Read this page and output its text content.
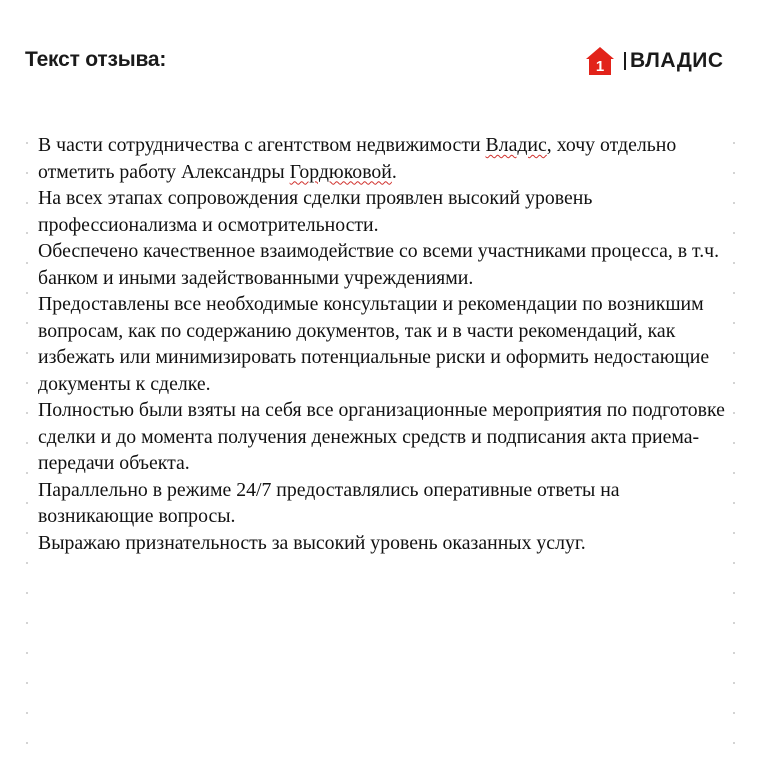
Текст отзыва:	1 ВЛАДИС

В части сотрудничества с агентством недвижимости Владис, хочу отдельно отметить работу Александры Гордюковой.

На всех этапах сопровождения сделки проявлен высокий уровень профессионализма и осмотрительности.

Обеспечено качественное взаимодействие со всеми участниками процесса, в т.ч. банком и иными задействованными учреждениями.

Предоставлены все необходимые консультации и рекомендации по возникшим вопросам, как по содержанию документов, так и в части рекомендаций, как избежать или минимизировать потенциальные риски и оформить недостающие документы к сделке.

Полностью были взяты на себя все организационные мероприятия по подготовке сделки и до момента получения денежных средств и подписания акта приема-передачи объекта.

Параллельно в режиме 24/7 предоставлялись оперативные ответы на возникающие вопросы.

Выражаю признательность за высокий уровень оказанных услуг.
